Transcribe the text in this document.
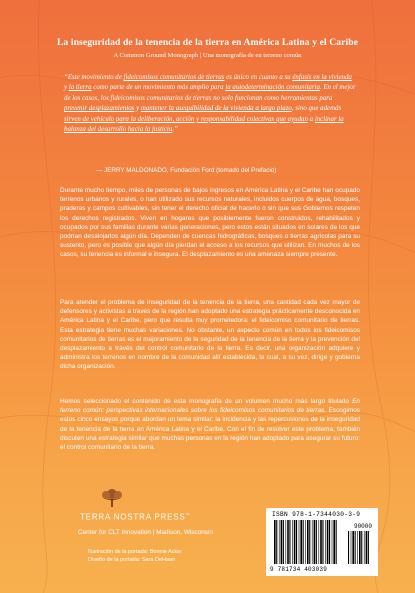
La inseguridad de la tenencia de la tierra en América Latina y el Caribe
A Common Ground Monograph | Una monografía de en terreno común

“Este movimiento de fideicomisos comunitarios de tierras es único en cuanto a su énfasis en la vivienda y la tierra como parte de un movimiento más amplio para la autodeterminación comunitaria. En el mejor de los casos, los fideicomisos comunitarios de tierras no solo funcionan como herramientas para prevenir desplazamientos y mantener la asequibilidad de la vivienda a largo plazo, sino que además sirven de vehículo para la deliberación, acción y responsabilidad colectivas que ayudan a inclinar la balanza del desarrollo hacia la justicia.”

— JERRY MALDONADO, Fundación Ford (tomado del Prefacio)

Durante mucho tiempo, miles de personas de bajos ingresos en América Latina y el Caribe han ocupado terrenos urbanos y rurales, o han utilizado sus recursos naturales, incluidos cuerpos de agua, bosques, praderas y campos cultivables, sin tener el derecho oficial de hacerlo o sin que sus Gobiernos respeten los derechos registrados. Viven en hogares que posiblemente fueron construidos, rehabilitados y ocupados por sus familias durante varias generaciones, pero estos están situados en solares de los que podrían desalojarlos algún día. Dependen de cuencas hidrográficas, bosques o tierras agrícolas para su sustento, pero es posible que algún día pierdan el acceso a los recursos que utilizan. En muchos de los casos, su tenencia es informal e insegura. El desplazamiento es una amenaza siempre presente.

Para atender el problema de inseguridad de la tenencia de la tierra, una cantidad cada vez mayor de defensores y activistas a través de la región han adoptado una estrategia prácticamente desconocida en América Latina y el Caribe, pero que resulta muy prometedora: el fideicomiso comunitario de tierras. Esta estrategia tiene muchas variaciones. No obstante, un aspecto común en todos los fideicomisos comunitarios de tierras es el mejoramiento de la seguridad de la tenencia de la tierra y la prevención del desplazamiento a través del control comunitario de la tierra. Es decir, una organización adquiere y administra los terrenos en nombre de la comunidad allí establecida, la cual, a su vez, dirige y gobierna dicha organización.

Hemos seleccionado el contenido de esta monografía de un volumen mucho más largo titulado En terreno común: perspectivas internacionales sobre los fideicomisos comunitarios de tierras. Escogimos estos cinco ensayos porque abordan un tema similar: la incidencia y las repercusiones de la inseguridad de la tenencia de la tierra en América Latina y el Caribe. Con el fin de resolver este problema, también discuten una estrategia similar que muchas personas en la región han adoptado para asegurar su futuro: el control comunitario de la tierra.

TERRA NOSTRA PRESS™
Center for CLT Innovation | Madison, Wisconsin
Ilustración de la portada: Bonnie Acker
Diseño de la portada: Sara DeHaan
ISBN 978-1-7344030-3-9
90000
9 781734 403039
